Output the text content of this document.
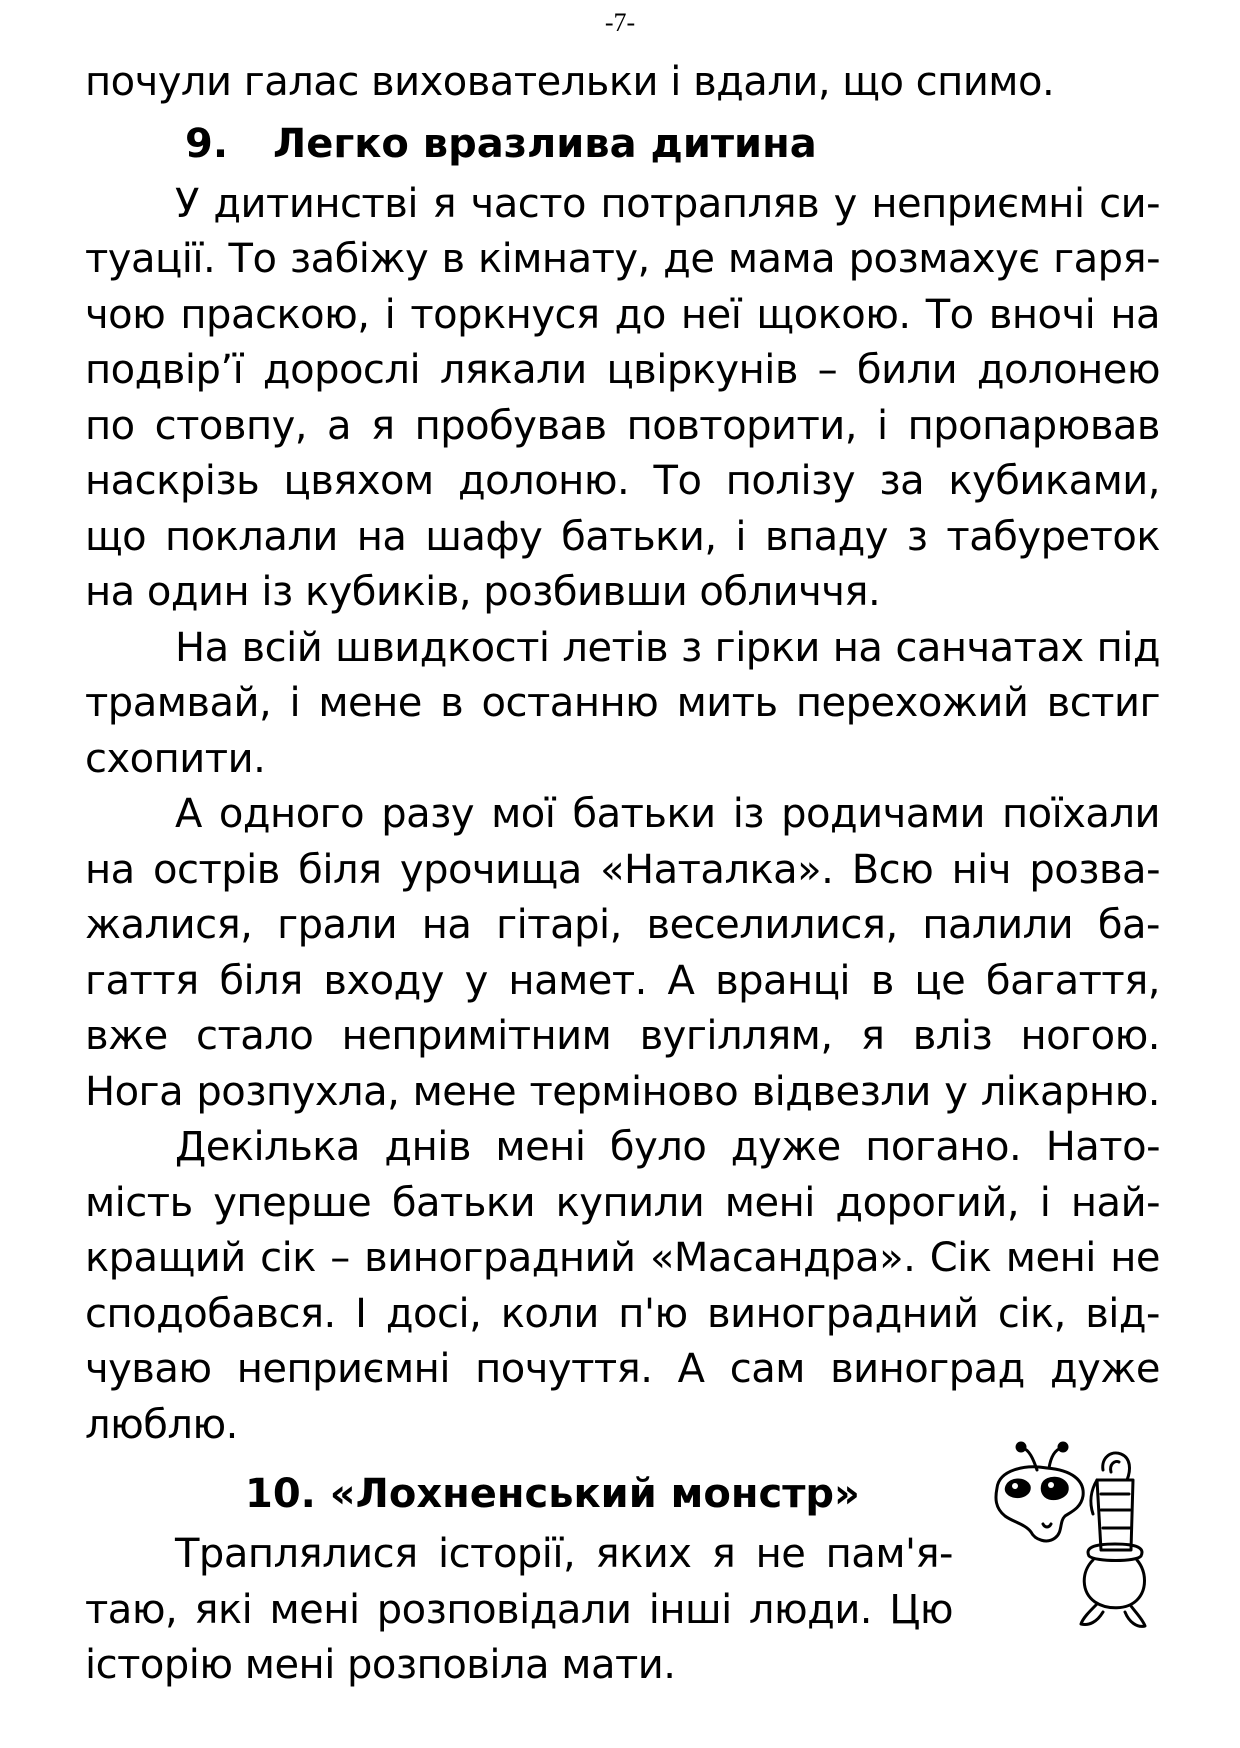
-7-
почули галас виховательки і вдали, що спимо.
9. Легко вразлива дитина
У дитинстві я часто потрапляв у неприємні си-
туації. То забіжу в кімнату, де мама розмахує гаря-
чою праскою, і торкнуся до неї щокою. То вночі на
подвір’ї дорослі лякали цвіркунів – били долонею
по стовпу, а я пробував повторити, і пропарював
наскрізь цвяхом долоню. То полізу за кубиками,
що поклали на шафу батьки, і впаду з табуреток
на один із кубиків, розбивши обличчя.
На всій швидкості летів з гірки на санчатах під
трамвай, і мене в останню мить перехожий встиг
схопити.
А одного разу мої батьки із родичами поїхали
на острів біля урочища «Наталка». Всю ніч розва-
жалися, грали на гітарі, веселилися, палили ба-
гаття біля входу у намет. А вранці в це багаття,
вже стало непримітним вугіллям, я вліз ногою.
Нога розпухла, мене терміново відвезли у лікарню.
Декілька днів мені було дуже погано. Нато-
мість уперше батьки купили мені дорогий, і най-
кращий сік – виноградний «Масандра». Сік мені не
сподобався. І досі, коли п'ю виноградний сік, від-
чуваю неприємні почуття. А сам виноград дуже
люблю.
10. «Лохненський монстр»
Траплялися історії, яких я не пам'я-
таю, які мені розповідали інші люди. Цю
історію мені розповіла мати.
